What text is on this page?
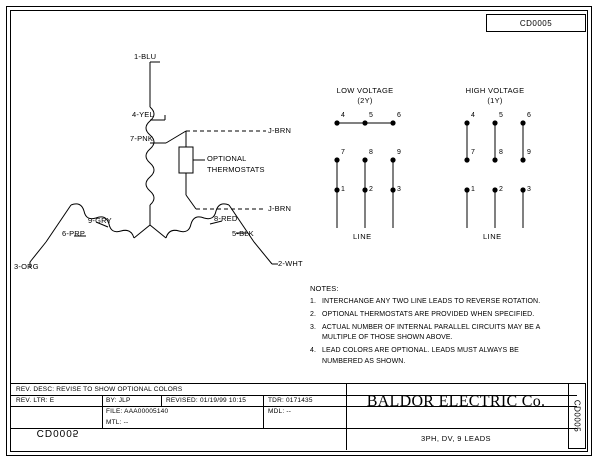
CD0005
CD0005
1-BLU
4-YEL
7-PNK
9-GRY
6-PRP
3-ORG
8-RED
5-BLK
2-WHT
J-BRN
J-BRN
OPTIONAL
THERMOSTATS
LOW VOLTAGE
(2Y)
4	5	6
7	8	9
1	2	3
LINE
HIGH VOLTAGE
(1Y)
4	5	6
7	8	9
1	2	3
LINE
NOTES:
1. INTERCHANGE ANY TWO LINE LEADS TO REVERSE ROTATION.
2. OPTIONAL THERMOSTATS ARE PROVIDED WHEN SPECIFIED.
3. ACTUAL NUMBER OF INTERNAL PARALLEL CIRCUITS MAY BE A MULTIPLE OF THOSE SHOWN ABOVE.
4. LEAD COLORS ARE OPTIONAL. LEADS MUST ALWAYS BE NUMBERED AS SHOWN.
REV. DESC: REVISE TO SHOW OPTIONAL COLORS
REV. LTR: E	BY: JLP	REVISED: 01/19/99 10:15	TDR: 0171435
FILE: AAA00005140	MDL: --
MTL: --
CD0005
BALDOR ELECTRIC Co.
3PH, DV, 9 LEADS
